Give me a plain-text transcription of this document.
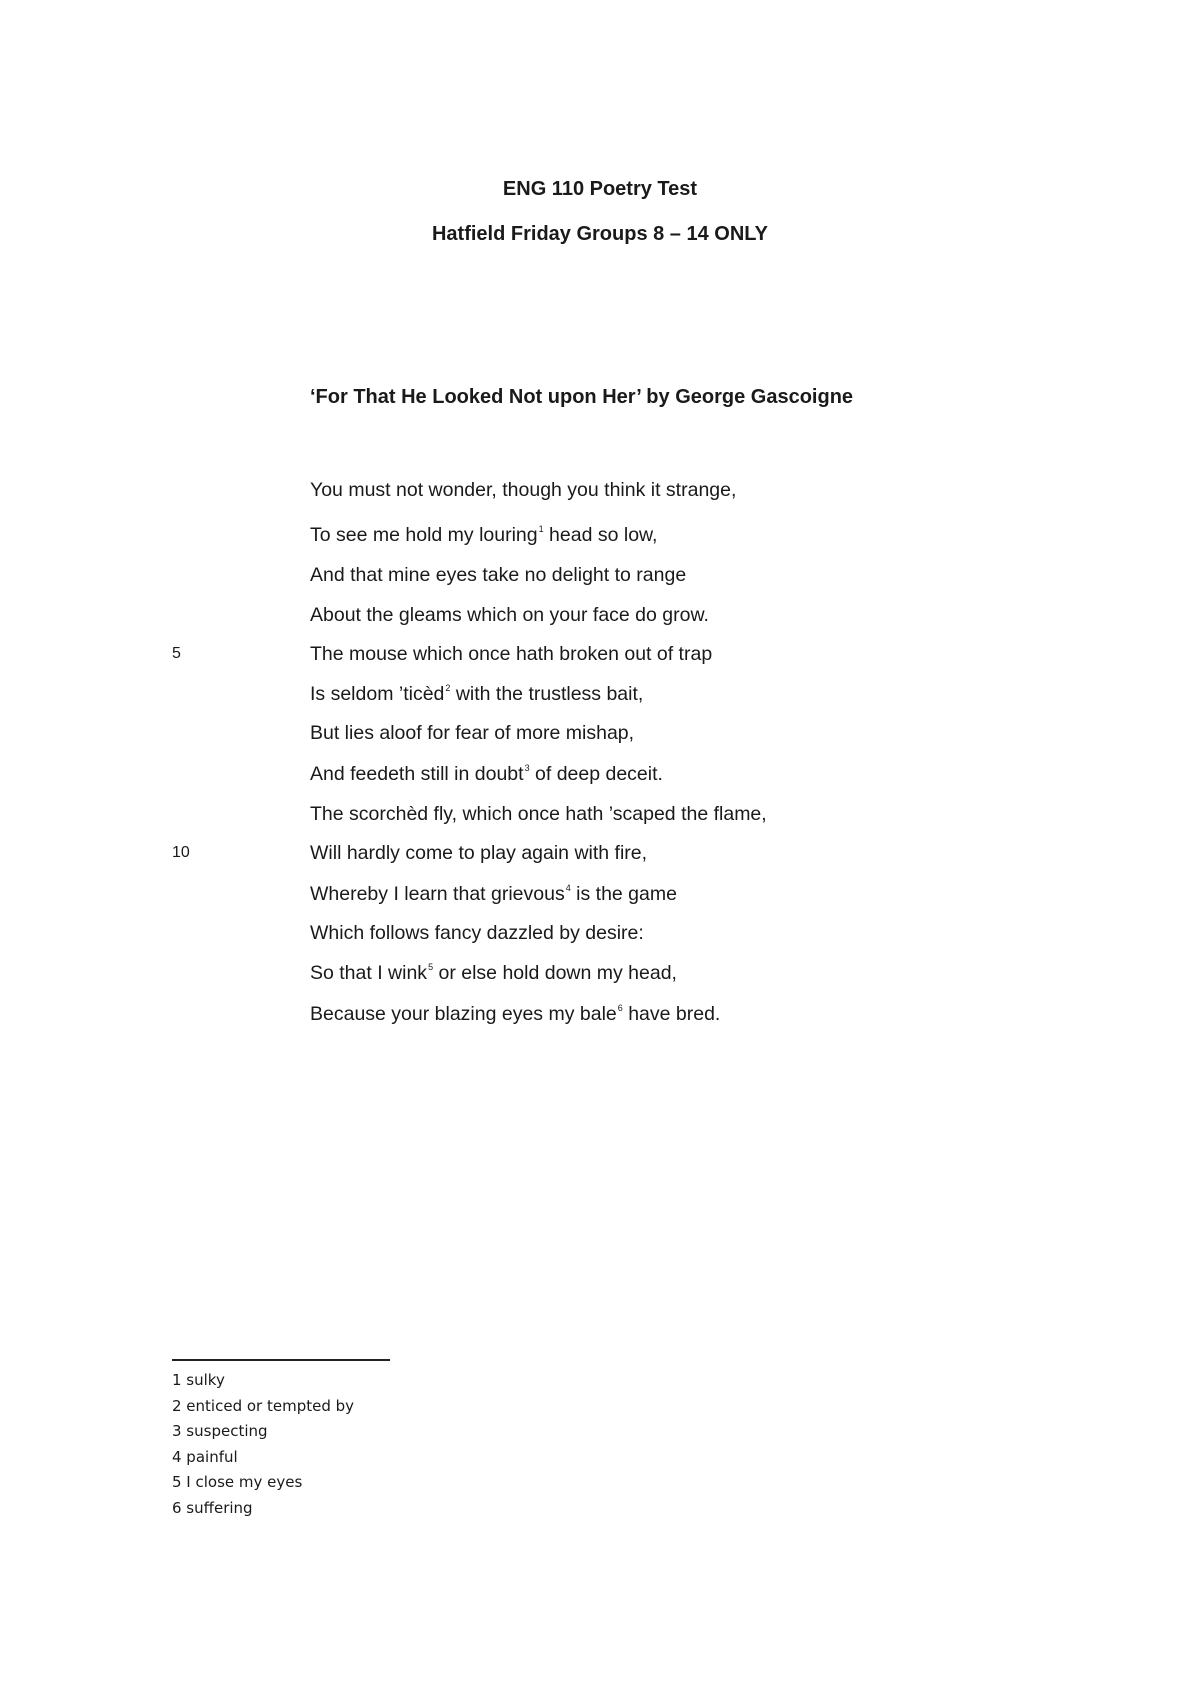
ENG 110 Poetry Test
Hatfield Friday Groups 8 – 14 ONLY
‘For That He Looked Not upon Her’ by George Gascoigne
You must not wonder, though you think it strange,
To see me hold my louring$^1$ head so low,
And that mine eyes take no delight to range
About the gleams which on your face do grow.
The mouse which once hath broken out of trap
Is seldom ’ticèd$^2$ with the trustless bait,
But lies aloof for fear of more mishap,
And feedeth still in doubt$^3$ of deep deceit.
The scorchèd fly, which once hath ’scaped the flame,
Will hardly come to play again with fire,
Whereby I learn that grievous$^4$ is the game
Which follows fancy dazzled by desire:
So that I wink$^5$ or else hold down my head,
Because your blazing eyes my bale$^6$ have bred.
5
10
1 sulky
2 enticed or tempted by
3 suspecting
4 painful
5 I close my eyes
6 suffering
